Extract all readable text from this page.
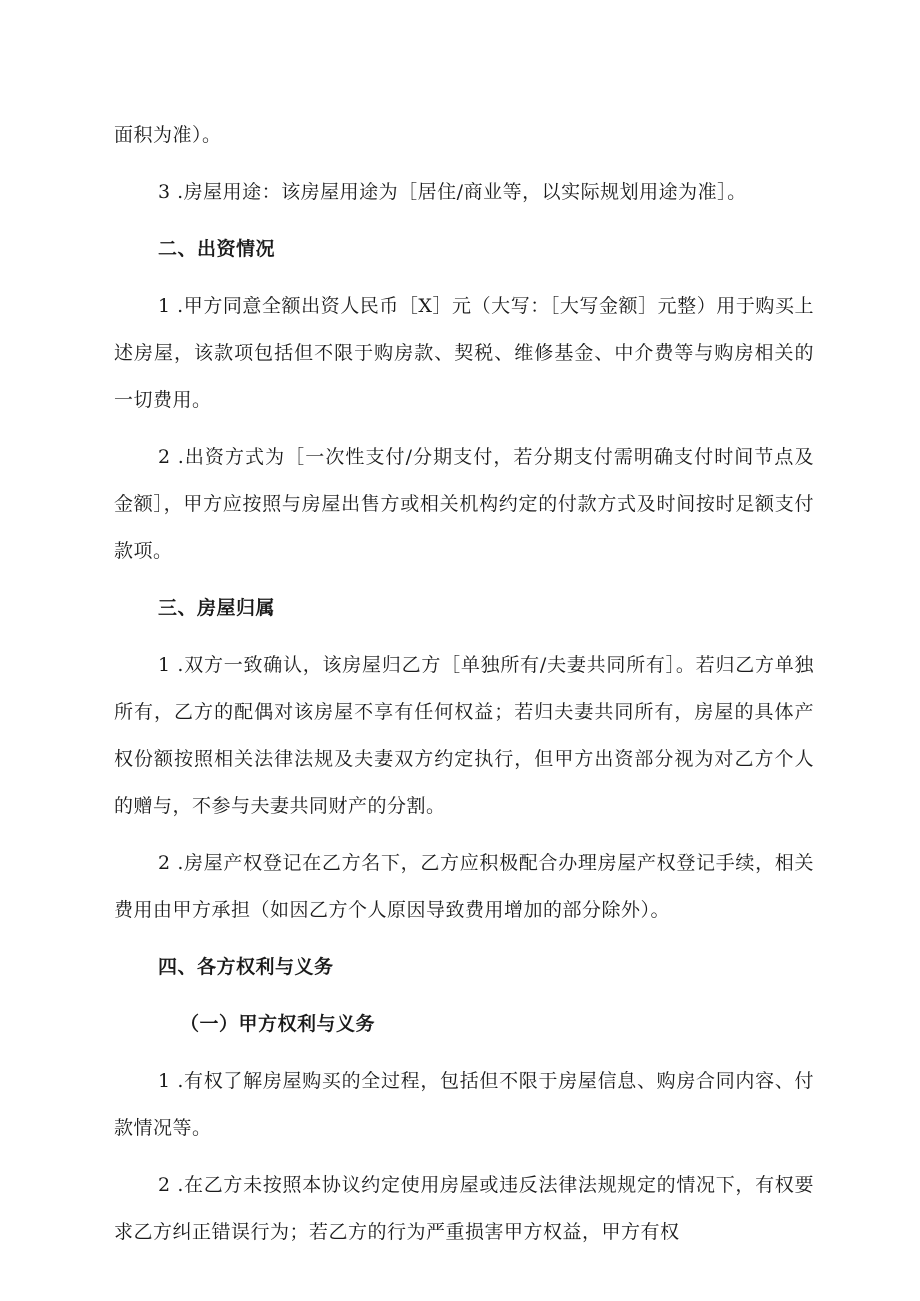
面积为准）。

3 .房屋用途：该房屋用途为［居住/商业等，以实际规划用途为准］。

二、出资情况

1 .甲方同意全额出资人民币［X］元（大写：［大写金额］元整）用于购买上述房屋，该款项包括但不限于购房款、契税、维修基金、中介费等与购房相关的一切费用。

2 .出资方式为［一次性支付/分期支付，若分期支付需明确支付时间节点及金额］，甲方应按照与房屋出售方或相关机构约定的付款方式及时间按时足额支付款项。

三、房屋归属

1 .双方一致确认，该房屋归乙方［单独所有/夫妻共同所有］。若归乙方单独所有，乙方的配偶对该房屋不享有任何权益；若归夫妻共同所有，房屋的具体产权份额按照相关法律法规及夫妻双方约定执行，但甲方出资部分视为对乙方个人的赠与，不参与夫妻共同财产的分割。

2 .房屋产权登记在乙方名下，乙方应积极配合办理房屋产权登记手续，相关费用由甲方承担（如因乙方个人原因导致费用增加的部分除外）。

四、各方权利与义务

（一）甲方权利与义务

1 .有权了解房屋购买的全过程，包括但不限于房屋信息、购房合同内容、付款情况等。

2 .在乙方未按照本协议约定使用房屋或违反法律法规规定的情况下，有权要求乙方纠正错误行为；若乙方的行为严重损害甲方权益，甲方有权
